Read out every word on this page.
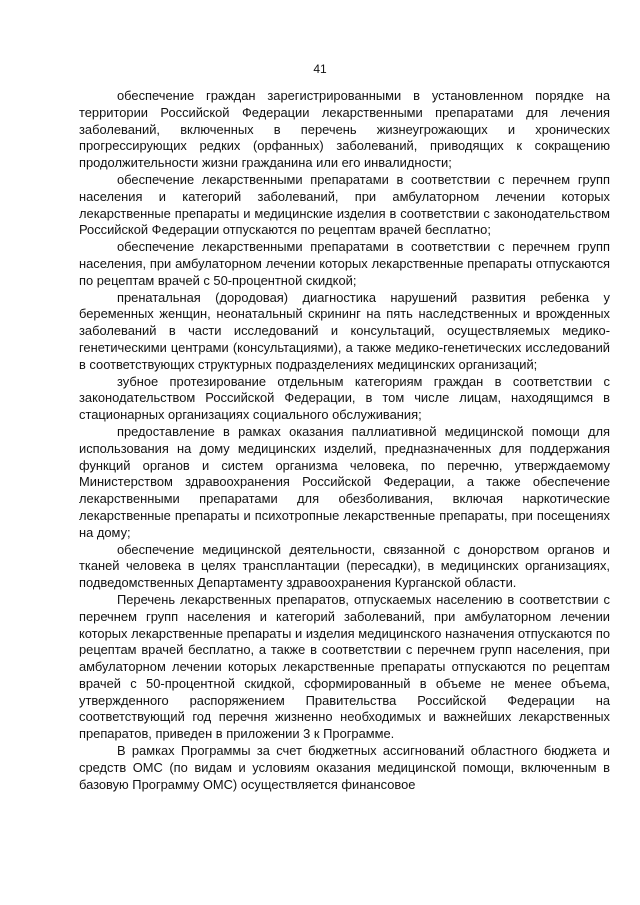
41

обеспечение граждан зарегистрированными в установленном порядке на территории Российской Федерации лекарственными препаратами для лечения заболеваний, включенных в перечень жизнеугрожающих и хронических прогрессирующих редких (орфанных) заболеваний, приводящих к сокращению продолжительности жизни гражданина или его инвалидности;

обеспечение лекарственными препаратами в соответствии с перечнем групп населения и категорий заболеваний, при амбулаторном лечении которых лекарственные препараты и медицинские изделия в соответствии с законодательством Российской Федерации отпускаются по рецептам врачей бесплатно;

обеспечение лекарственными препаратами в соответствии с перечнем групп населения, при амбулаторном лечении которых лекарственные препараты отпускаются по рецептам врачей с 50-процентной скидкой;

пренатальная (дородовая) диагностика нарушений развития ребенка у беременных женщин, неонатальный скрининг на пять наследственных и врожденных заболеваний в части исследований и консультаций, осуществляемых медико-генетическими центрами (консультациями), а также медико-генетических исследований в соответствующих структурных подразделениях медицинских организаций;

зубное протезирование отдельным категориям граждан в соответствии с законодательством Российской Федерации, в том числе лицам, находящимся в стационарных организациях социального обслуживания;

предоставление в рамках оказания паллиативной медицинской помощи для использования на дому медицинских изделий, предназначенных для поддержания функций органов и систем организма человека, по перечню, утверждаемому Министерством здравоохранения Российской Федерации, а также обеспечение лекарственными препаратами для обезболивания, включая наркотические лекарственные препараты и психотропные лекарственные препараты, при посещениях на дому;

обеспечение медицинской деятельности, связанной с донорством органов и тканей человека в целях трансплантации (пересадки), в медицинских организациях, подведомственных Департаменту здравоохранения Курганской области.

Перечень лекарственных препаратов, отпускаемых населению в соответствии с перечнем групп населения и категорий заболеваний, при амбулаторном лечении которых лекарственные препараты и изделия медицинского назначения отпускаются по рецептам врачей бесплатно, а также в соответствии с перечнем групп населения, при амбулаторном лечении которых лекарственные препараты отпускаются по рецептам врачей с 50-процентной скидкой, сформированный в объеме не менее объема, утвержденного распоряжением Правительства Российской Федерации на соответствующий год перечня жизненно необходимых и важнейших лекарственных препаратов, приведен в приложении 3 к Программе.

В рамках Программы за счет бюджетных ассигнований областного бюджета и средств ОМС (по видам и условиям оказания медицинской помощи, включенным в базовую Программу ОМС) осуществляется финансовое
